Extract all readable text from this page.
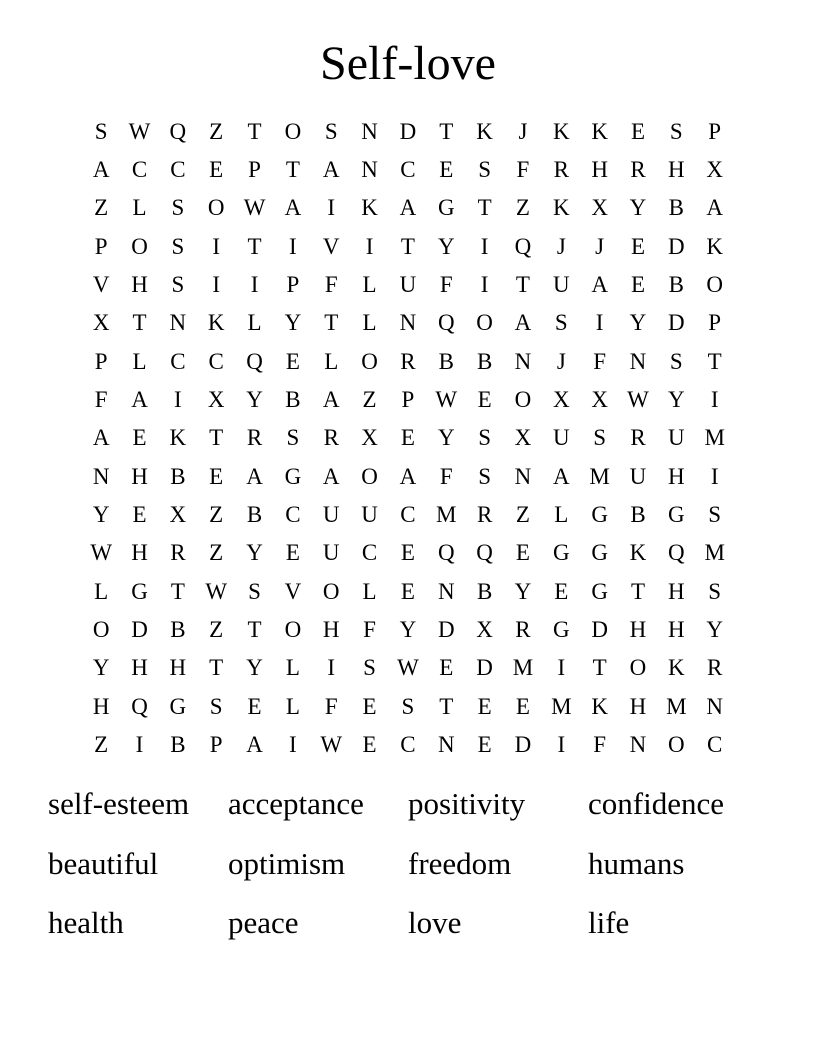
Self-love
S W Q	Z	T	O	S	N D	T	K	J	K K	E	S	P
A C	C	E	P	T	A N C	E	S	F	R H R H X
Z	L	S	O W A	I	K A G	T	Z	K X Y B A
P	O	S	I	T	I	V	I	T	Y	I	Q	J	J	E	D K
V H	S	I	I	P	F	L	U	F	I	T	U A	E	B O
X	T	N K	L	Y	T	L	N Q O A	S	I	Y D	P
P	L	C	C Q	E	L	O R	B	B N	J	F	N	S	T
F	A	I	X Y B A	Z	P W E	O X X W Y	I
A	E	K	T	R	S	R X	E	Y	S	X U	S	R U M
N H B	E	A G A O A	F	S	N A M U H	I
Y	E	X	Z	B	C U U C M R	Z	L	G B G	S
W H R	Z	Y	E	U C	E	Q Q	E	G G K Q M
L	G	T W S	V O	L	E	N B Y	E	G	T	H	S
O D B	Z	T	O H	F	Y D X R G D H H Y
Y H H	T	Y	L	I	S W E	D M	I	T	O K R
H Q G	S	E	L	F	E	S	T	E	E M K H M N
Z	I	B	P	A	I	W E	C N	E	D	I	F	N O C
self-esteem	acceptance	positivity	confidence
beautiful	optimism	freedom	humans
health	peace	love	life
